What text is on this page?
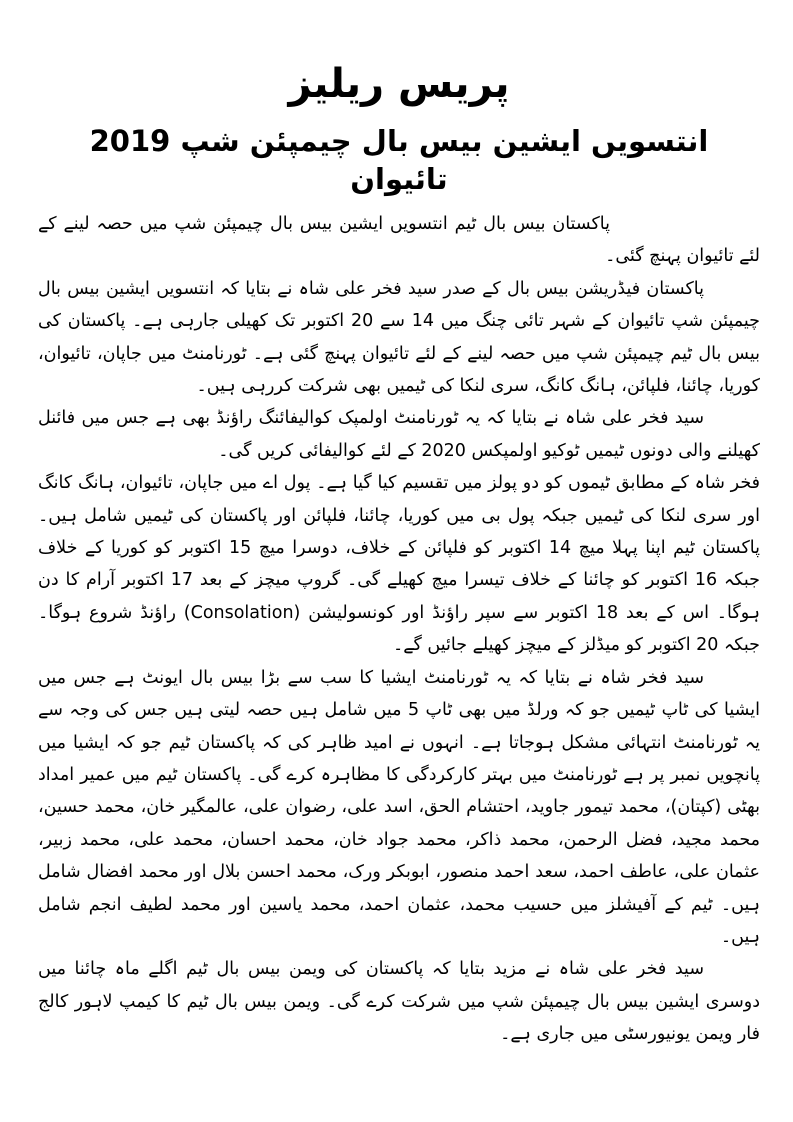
پریس ریلیز
انتسویں ایشین بیس بال چیمپئن شپ 2019 تائیوان

پاکستان بیس بال ٹیم انتسویں ایشین بیس بال چیمپئن شپ میں حصہ لینے کے لئے تائیوان پہنچ گئی۔

پاکستان فیڈریشن بیس بال کے صدر سید فخر علی شاہ نے بتایا کہ انتسویں ایشین بیس بال چیمپئن شپ تائیوان کے شہر تائی چنگ میں 14 سے 20 اکتوبر تک کھیلی جارہی ہے۔ پاکستان کی بیس بال ٹیم چیمپئن شپ میں حصہ لینے کے لئے تائیوان پہنچ گئی ہے۔ ٹورنامنٹ میں جاپان، تائیوان، کوریا، چائنا، فلپائن، ہانگ کانگ، سری لنکا کی ٹیمیں بھی شرکت کررہی ہیں۔

سید فخر علی شاہ نے بتایا کہ یہ ٹورنامنٹ اولمپک کوالیفائنگ راؤنڈ بھی ہے جس میں فائنل کھیلنے والی دونوں ٹیمیں ٹوکیو اولمپکس 2020 کے لئے کوالیفائی کریں گی۔

فخر شاہ کے مطابق ٹیموں کو دو پولز میں تقسیم کیا گیا ہے۔ پول اے میں جاپان، تائیوان، ہانگ کانگ اور سری لنکا کی ٹیمیں جبکہ پول بی میں کوریا، چائنا، فلپائن اور پاکستان کی ٹیمیں شامل ہیں۔ پاکستان ٹیم اپنا پہلا میچ 14 اکتوبر کو فلپائن کے خلاف، دوسرا میچ 15 اکتوبر کو کوریا کے خلاف جبکہ 16 اکتوبر کو چائنا کے خلاف تیسرا میچ کھیلے گی۔ گروپ میچز کے بعد 17 اکتوبر آرام کا دن ہوگا۔ اس کے بعد 18 اکتوبر سے سپر راؤنڈ اور کونسولیشن (Consolation) راؤنڈ شروع ہوگا۔ جبکہ 20 اکتوبر کو میڈلز کے میچز کھیلے جائیں گے۔

سید فخر شاہ نے بتایا کہ یہ ٹورنامنٹ ایشیا کا سب سے بڑا بیس بال ایونٹ ہے جس میں ایشیا کی ٹاپ ٹیمیں جو کہ ورلڈ میں بھی ٹاپ 5 میں شامل ہیں حصہ لیتی ہیں جس کی وجہ سے یہ ٹورنامنٹ انتہائی مشکل ہوجاتا ہے۔ انہوں نے امید ظاہر کی کہ پاکستان ٹیم جو کہ ایشیا میں پانچویں نمبر پر ہے ٹورنامنٹ میں بہتر کارکردگی کا مظاہرہ کرے گی۔ پاکستان ٹیم میں عمیر امداد بھٹی (کپتان)، محمد تیمور جاوید، احتشام الحق، اسد علی، رضوان علی، عالمگیر خان، محمد حسین، محمد مجید، فضل الرحمن، محمد ذاکر، محمد جواد خان، محمد احسان، محمد علی، محمد زبیر، عثمان علی، عاطف احمد، سعد احمد منصور، ابوبکر ورک، محمد احسن بلال اور محمد افضال شامل ہیں۔ ٹیم کے آفیشلز میں حسیب محمد، عثمان احمد، محمد یاسین اور محمد لطیف انجم شامل ہیں۔

سید فخر علی شاہ نے مزید بتایا کہ پاکستان کی ویمن بیس بال ٹیم اگلے ماہ چائنا میں دوسری ایشین بیس بال چیمپئن شپ میں شرکت کرے گی۔ ویمن بیس بال ٹیم کا کیمپ لاہور کالج فار ویمن یونیورسٹی میں جاری ہے۔
